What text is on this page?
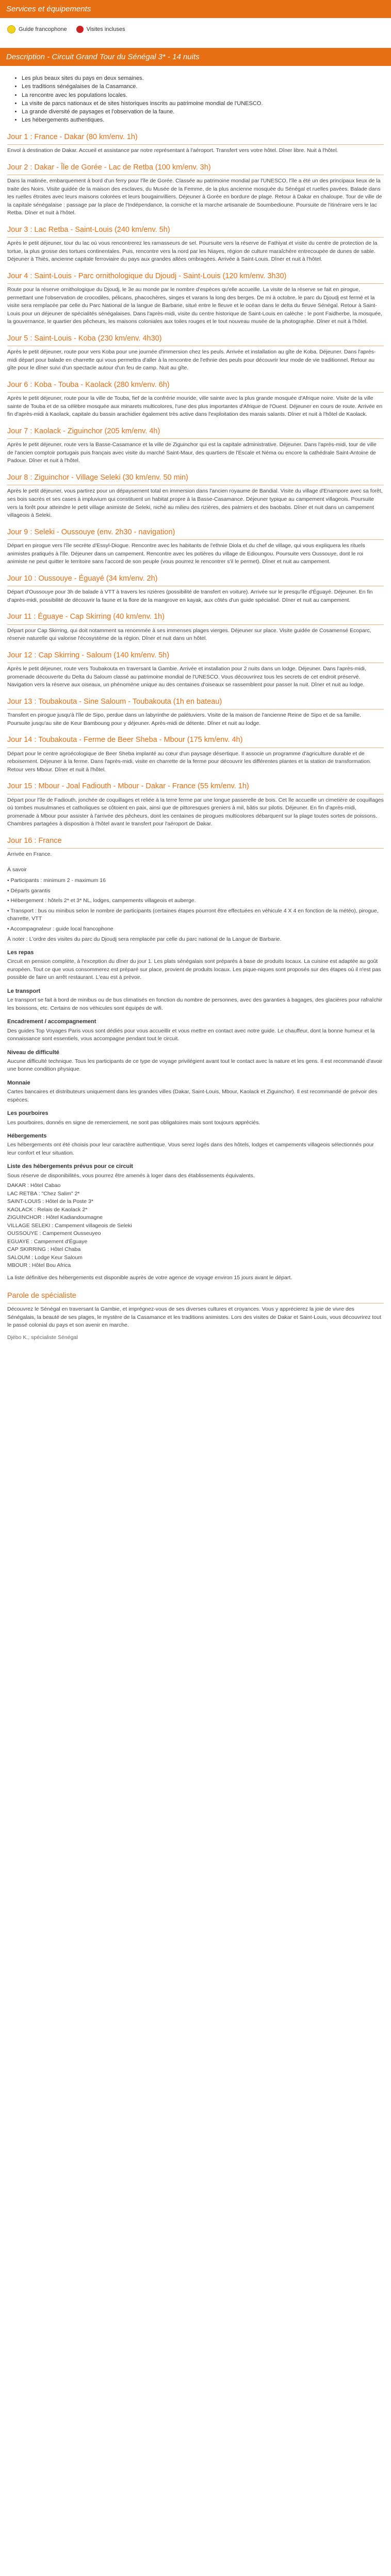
Services et équipements
Guide francophone	Visites incluses
Description - Circuit Grand Tour du Sénégal 3* - 14 nuits
• Les plus beaux sites du pays en deux semaines.
• Les traditions sénégalaises de la Casamance.
• La rencontre avec les populations locales.
• La visite de parcs nationaux et de sites historiques inscrits au patrimoine mondial de l'UNESCO.
• La grande diversité de paysages et l'observation de la faune.
• Les hébergements authentiques.
Jour 1 : France - Dakar (80 km/env. 1h)

Envol à destination de Dakar. Accueil et assistance par notre représentant à l'aéroport. Transfert vers votre hôtel. Dîner libre. Nuit à l'hôtel.

Jour 2 : Dakar - Île de Gorée - Lac de Retba (100 km/env. 3h)

Dans la matinée, embarquement à bord d'un ferry pour l'île de Gorée. Classée au patrimoine mondial par l'UNESCO, l'île a été un des principaux lieux de la traite des Noirs. Visite guidée de la maison des esclaves, du Musée de la Femme, de la plus ancienne mosquée du Sénégal et ruelles pavées. Balade dans les ruelles étroites avec leurs maisons colorées et leurs bougainvilliers. Déjeuner à Gorée en bordure de plage. Retour à Dakar en chaloupe. Tour de ville de la capitale sénégalaise : passage par la place de l'Indépendance, la corniche et la marche artisanale de Soumbedioune. Poursuite de l'itinéraire vers le lac Retba. Dîner et nuit à l'hôtel.

Jour 3 : Lac Retba - Saint-Louis (240 km/env. 5h)

Après le petit déjeuner, tour du lac où vous rencontrerez les ramasseurs de sel. Poursuite vers la réserve de Fathiyat et visite du centre de protection de la tortue, la plus grosse des tortues continentales. Puis, rencontre vers la nord par les Niayes, région de culture maraîchère entrecoupée de dunes de sable. Déjeuner à Thiès, ancienne capitale ferroviaire du pays aux grandes allées ombragées. Arrivée à Saint-Louis. Dîner et nuit à l'hôtel.

Jour 4 : Saint-Louis - Parc ornithologique du Djoudj - Saint-Louis (120 km/env. 3h30)

Route pour la réserve ornithologique du Djoudj, le 3e au monde par le nombre d'espèces qu'elle accueille. La visite de la réserve se fait en pirogue, permettant une l'observation de crocodiles, pélicans, phacochères, singes et varans la long des berges. De mi à octobre, le parc du Djoudj est fermé et la visite sera remplacée par celle du Parc National de la langue de Barbarie, situé entre le fleuve et le océan dans le delta du fleuve Sénégal. Retour à Saint-Louis pour un déjeuner de spécialités sénégalaises. Dans l'après-midi, visite du centre historique de Saint-Louis en calèche : le pont Faidherbe, la mosquée, la gouvernance, le quartier des pêcheurs, les maisons coloniales aux toiles rouges et le tout nouveau musée de la photographie. Dîner et nuit à l'hôtel.

Jour 5 : Saint-Louis - Koba (230 km/env. 4h30)

Après le petit déjeuner, route pour vers Koba pour une journée d'immersion chez les peuls. Arrivée et installation au gîte de Koba. Déjeuner. Dans l'après-midi départ pour balade en charrette qui vous permettra d'aller à la rencontre de l'ethnie des peuls pour découvrir leur mode de vie traditionnel. Retour au gîte pour le dîner suivi d'un spectacle autour d'un feu de camp. Nuit au gîte.

Jour 6 : Koba - Touba - Kaolack (280 km/env. 6h)

Après le petit déjeuner, route pour la ville de Touba, fief de la confrérie mouride, ville sainte avec la plus grande mosquée d'Afrique noire. Visite de la ville sainte de Touba et de sa célèbre mosquée aux minarets multicolores, l'une des plus importantes d'Afrique de l'Ouest. Déjeuner en cours de route. Arrivée en fin d'après-midi à Kaolack, capitale du bassin arachidier également très active dans l'exploitation des marais salants. Dîner et nuit à l'hôtel de Kaolack.

Jour 7 : Kaolack - Ziguinchor (205 km/env. 4h)

Après le petit déjeuner, route vers la Basse-Casamance et la ville de Ziguinchor qui est la capitale administrative. Déjeuner. Dans l'après-midi, tour de ville de l'ancien comptoir portugais puis français avec visite du marché Saint-Maur, des quartiers de l'Escale et Néma ou encore la cathédrale Saint-Antoine de Padoue. Dîner et nuit à l'hôtel.

Jour 8 : Ziguinchor - Village Seleki (30 km/env. 50 min)

Après le petit déjeuner, vous partirez pour un dépaysement total en immersion dans l'ancien royaume de Bandial. Visite du village d'Enampore avec sa forêt, ses bois sacrés et ses cases à impluvium qui constituent un habitat propre à la Basse-Casamance. Déjeuner typique au campement villageois. Poursuite vers la forêt pour atteindre le petit village animiste de Seleki, niché au milieu des rizières, des palmiers et des baobabs. Dîner et nuit dans un campement villageois à Seleki.

Jour 9 : Seleki - Oussouye (env. 2h30 - navigation)

Départ en pirogue vers l'île secrète d'Essyl-Diogue. Rencontre avec les habitants de l'ethnie Diola et du chef de village, qui vous expliquera les rituels animistes pratiqués à l'île. Déjeuner dans un campement. Rencontre avec les potières du village de Edioungou. Poursuite vers Oussouye, dont le roi animiste ne peut quitter le territoire sans l'accord de son peuple (vous pourrez le rencontrer s'il le permet). Dîner et nuit au campement.

Jour 10 : Oussouye - Éguayé (34 km/env. 2h)

Départ d'Oussouye pour 3h de balade à VTT à travers les rizières (possibilité de transfert en voiture). Arrivée sur le presqu'île d'Éguayé. Déjeuner. En fin d'après-midi, possibilité de découvrir la faune et la flore de la mangrove en kayak, aux côtés d'un guide spécialisé. Dîner et nuit au campement.

Jour 11 : Éguaye - Cap Skirring (40 km/env. 1h)

Départ pour Cap Skirring, qui doit notamment sa renommée à ses immenses plages vierges. Déjeuner sur place. Visite guidée de Cosamensé Ecoparc, réserve naturelle qui valorise l'écosystème de la région. Dîner et nuit dans un hôtel.

Jour 12 : Cap Skirring - Saloum (140 km/env. 5h)

Après le petit déjeuner, route vers Toubakouta en traversant la Gambie. Arrivée et installation pour 2 nuits dans un lodge. Déjeuner. Dans l'après-midi, promenade découverte du Delta du Saloum classé au patrimoine mondial de l'UNESCO. Vous découvrirez tous les secrets de cet endroit préservé. Navigation vers la réserve aux oiseaux, un phénomène unique au des centaines d'oiseaux se rassemblent pour passer la nuit. Dîner et nuit au lodge.

Jour 13 : Toubakouta - Sine Saloum - Toubakouta (1h en bateau)

Transfert en pirogue jusqu'à l'île de Sipo, perdue dans un labyrinthe de palétuviers. Visite de la maison de l'ancienne Reine de Sipo et de sa famille. Poursuite jusqu'au site de Keur Bamboung pour y déjeuner. Après-midi de détente. Dîner et nuit au lodge.

Jour 14 : Toubakouta - Ferme de Beer Sheba - Mbour (175 km/env. 4h)

Départ pour le centre agroécologique de Beer Sheba implanté au cœur d'un paysage désertique. Il associe un programme d'agriculture durable et de reboisement. Déjeuner à la ferme. Dans l'après-midi, visite en charrette de la ferme pour découvrir les différentes plantes et la station de transformation. Retour vers Mbour. Dîner et nuit à l'hôtel.

Jour 15 : Mbour - Joal Fadiouth - Mbour - Dakar - France (55 km/env. 1h)

Départ pour l'île de Fadiouth, jonchée de coquillages et reliée à la terre ferme par une longue passerelle de bois. Cet île accueille un cimetière de coquillages où tombes musulmanes et catholiques se côtoient en paix, ainsi que de pittoresques greniers à mil, bâtis sur pilotis. Déjeuner. En fin d'après-midi, promenade à Mbour pour assister à l'arrivée des pêcheurs, dont les centaines de pirogues multicolores débarquent sur la plage toutes sortes de poissons. Chambres partagées à disposition à l'hôtel avant le transfert pour l'aéroport de Dakar.

Jour 16 : France

Arrivée en France.

À savoir

• Participants : minimum 2 - maximum 16

• Départs garantis

• Hébergement : hôtels 2* et 3* NL, lodges, campements villageois et auberge.

• Transport : bus ou minibus selon le nombre de participants (certaines étapes pourront être effectuées en véhicule 4 X 4 en fonction de la météo), pirogue, charrette, VTT

• Accompagnateur : guide local francophone

À noter : L'ordre des visites du parc du Djoudj sera remplacée par celle du parc national de la Langue de Barbarie.

Les repas

Circuit en pension complète, à l'exception du dîner du jour 1. Les plats sénégalais sont préparés à base de produits locaux. La cuisine est adaptée au goût européen. Tout ce que vous consommerez est préparé sur place, provient de produits locaux. Les pique-niques sont proposés sur des étapes où il n'est pas possible de faire un arrêt restaurant. L'eau est à prévoir.

Le transport

Le transport se fait à bord de minibus ou de bus climatisés en fonction du nombre de personnes, avec des garanties à bagages, des glacières pour rafraîchir les boissons, etc. Certains de nos véhicules sont équipés de wifi.

Encadrement / accompagnement

Des guides Top Voyages Paris vous sont dédiés pour vous accueillir et vous mettre en contact avec notre guide. Le chauffeur, dont la bonne humeur et la connaissance sont essentiels, vous accompagne pendant tout le circuit.

Niveau de difficulté

Aucune difficulté technique. Tous les participants de ce type de voyage privilégient avant tout le contact avec la nature et les gens. Il est recommandé d'avoir une bonne condition physique.

Monnaie

Cartes bancaires et distributeurs uniquement dans les grandes villes (Dakar, Saint-Louis, Mbour, Kaolack et Ziguinchor). Il est recommandé de prévoir des espèces.

Les pourboires

Les pourboires, donnés en signe de remerciement, ne sont pas obligatoires mais sont toujours appréciés.

Hébergements

Les hébergements ont été choisis pour leur caractère authentique. Vous serez logés dans des hôtels, lodges et campements villageois sélectionnés pour leur confort et leur situation.

Liste des hébergements prévus pour ce circuit

Sous réserve de disponibilités, vous pourrez être amenés à loger dans des établissements équivalents.

DAKAR : Hôtel Cabao
LAC RETBA : "Chez Salim" 2*
SAINT-LOUIS : Hôtel de la Poste 3*
KAOLACK : Relais de Kaolack 2*
ZIGUINCHOR : Hôtel Kadiandoumagne
VILLAGE SELEKI : Campement villageois de Seleki
OUSSOUYE : Campement Ousseuyeo
EGUAYE : Campement d'Éguaye
CAP SKIRRING : Hôtel Chaba
SALOUM : Lodge Keur Saloum
MBOUR : Hôtel Bou Africa

La liste définitive des hébergements est disponible auprès de votre agence de voyage environ 15 jours avant le départ.

Parole de spécialiste

Découvrez le Sénégal en traversant la Gambie, et imprégnez-vous de ses diverses cultures et croyances. Vous y apprécierez la joie de vivre des Sénégalais, la beauté de ses plages, le mystère de la Casamance et les traditions animistes. Lors des visites de Dakar et Saint-Louis, vous découvrirez tout le passé colonial du pays et son avenir en marche.

Djébo K., spécialiste Sénégal
